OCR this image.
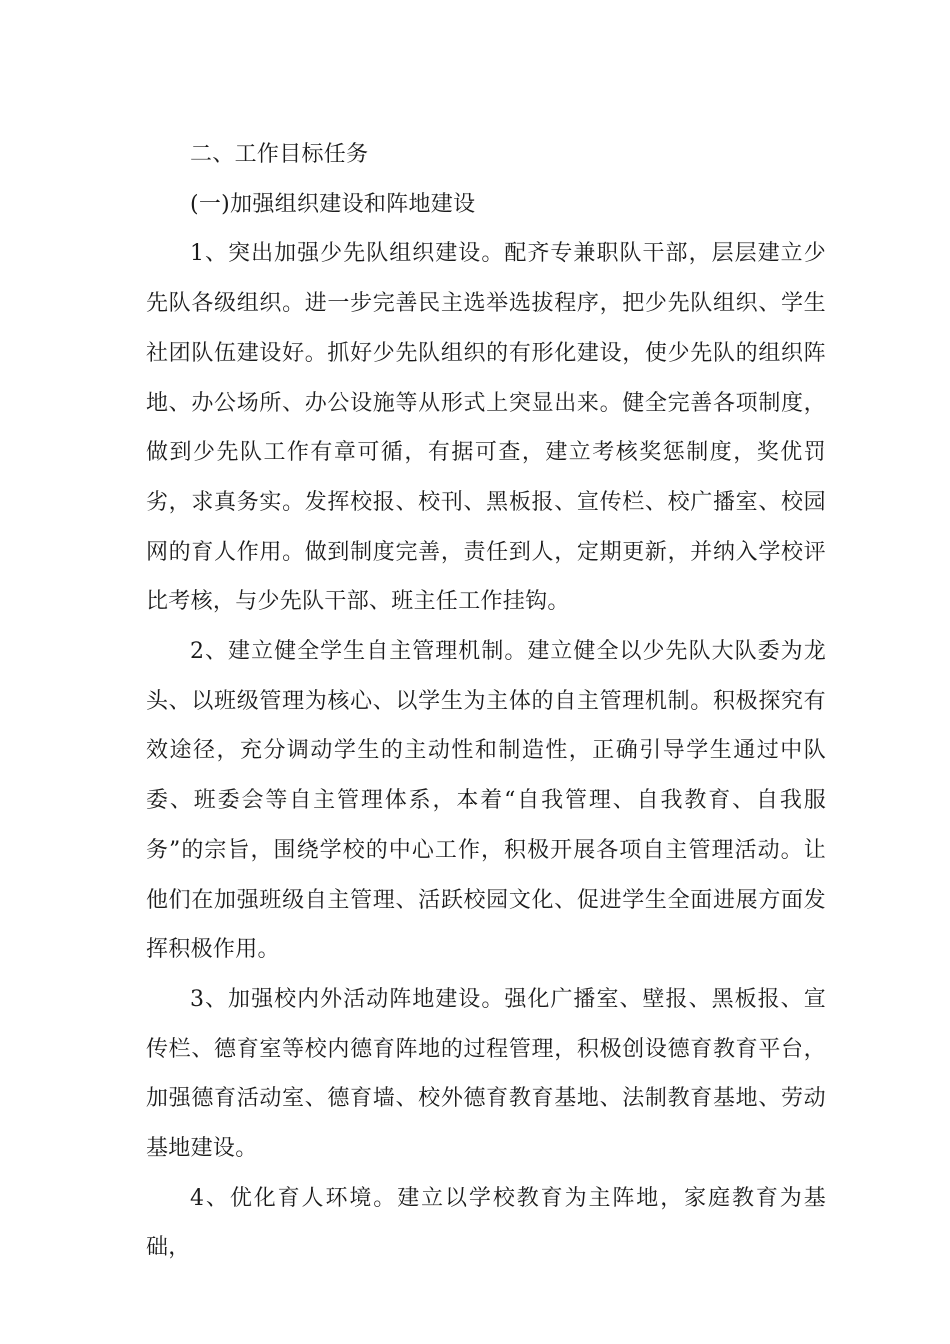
二、工作目标任务
(一)加强组织建设和阵地建设

1、突出加强少先队组织建设。配齐专兼职队干部，层层建立少先队各级组织。进一步完善民主选举选拔程序，把少先队组织、学生社团队伍建设好。抓好少先队组织的有形化建设，使少先队的组织阵地、办公场所、办公设施等从形式上突显出来。健全完善各项制度，做到少先队工作有章可循，有据可查，建立考核奖惩制度，奖优罚劣，求真务实。发挥校报、校刊、黑板报、宣传栏、校广播室、校园网的育人作用。做到制度完善，责任到人，定期更新，并纳入学校评比考核，与少先队干部、班主任工作挂钩。

2、建立健全学生自主管理机制。建立健全以少先队大队委为龙头、以班级管理为核心、以学生为主体的自主管理机制。积极探究有效途径，充分调动学生的主动性和制造性，正确引导学生通过中队委、班委会等自主管理体系，本着“自我管理、自我教育、自我服务”的宗旨，围绕学校的中心工作，积极开展各项自主管理活动。让他们在加强班级自主管理、活跃校园文化、促进学生全面进展方面发挥积极作用。

3、加强校内外活动阵地建设。强化广播室、壁报、黑板报、宣传栏、德育室等校内德育阵地的过程管理，积极创设德育教育平台，加强德育活动室、德育墙、校外德育教育基地、法制教育基地、劳动基地建设。

4、优化育人环境。建立以学校教育为主阵地，家庭教育为基础，
